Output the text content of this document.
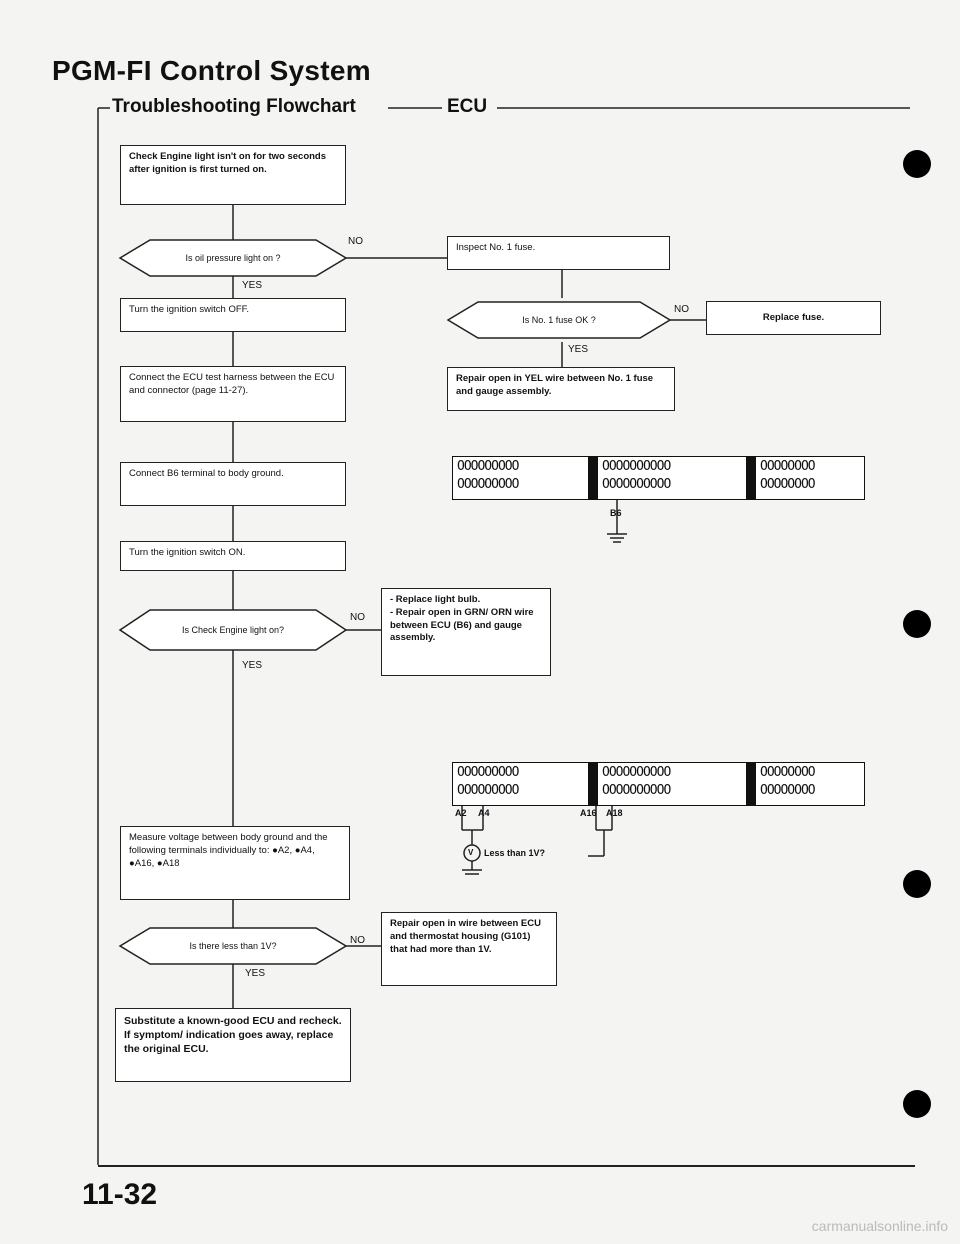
PGM-FI Control System
Troubleshooting Flowchart	ECU
Check Engine light isn't on for two seconds after ignition is first turned on.
Is oil pressure light on ?
NO
YES
Turn the ignition switch OFF.
Connect the ECU test harness between the ECU and connector (page 11-27).
Connect B6 terminal to body ground.
Turn the ignition switch ON.
Is Check Engine light on?
NO
YES
Measure voltage between body ground and the following terminals individually to: ●A2, ●A4, ●A16, ●A18
Is there less than 1V?	NO
YES
Substitute a known-good ECU and recheck. If symptom/ indication goes away, replace the original ECU.
Inspect No. 1 fuse.
Is No. 1 fuse OK ?
NO
YES
Replace fuse.
Repair open in YEL wire between No. 1 fuse and gauge assembly.
- Replace light bulb.
- Repair open in GRN/ ORN wire between ECU (B6) and gauge assembly.
Repair open in wire between ECU and thermostat housing (G101) that had more than 1V.
OOOOOOOOO
OOOOOOOOO
OOOOOOOOOO
OOOOOOOOOO
OOOOOOOO
OOOOOOOO
B6
OOOOOOOOO
OOOOOOOOO
OOOOOOOOOO
OOOOOOOOOO
OOOOOOOO
OOOOOOOO
A2 A4	A16 A18
V Less than 1V?
11-32
carmanualsonline.info
